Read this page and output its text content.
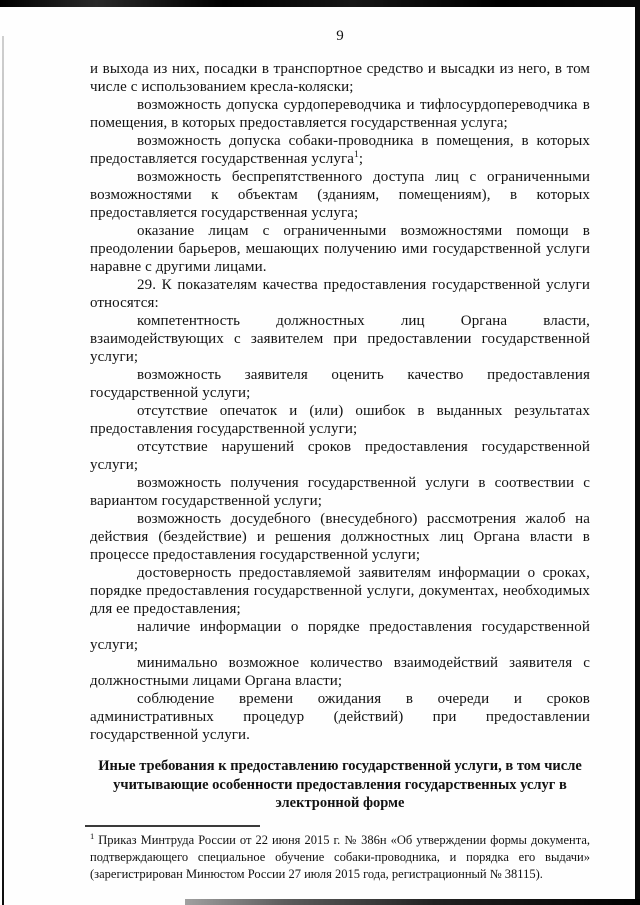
9

и выхода из них, посадки в транспортное средство и высадки из него, в том числе с использованием кресла-коляски;

возможность допуска сурдопереводчика и тифлосурдопереводчика в помещения, в которых предоставляется государственная услуга;

возможность допуска собаки-проводника в помещения, в которых предоставляется государственная услуга$^1$;

возможность беспрепятственного доступа лиц с ограниченными возможностями к объектам (зданиям, помещениям), в которых предоставляется государственная услуга;

оказание лицам с ограниченными возможностями помощи в преодолении барьеров, мешающих получению ими государственной услуги наравне с другими лицами.

29. К показателям качества предоставления государственной услуги относятся:

компетентность должностных лиц Органа власти, взаимодействующих с заявителем при предоставлении государственной услуги;

возможность заявителя оценить качество предоставления государственной услуги;

отсутствие опечаток и (или) ошибок в выданных результатах предоставления государственной услуги;

отсутствие нарушений сроков предоставления государственной услуги;

возможность получения государственной услуги в соотвествии с вариантом государственной услуги;

возможность досудебного (внесудебного) рассмотрения жалоб на действия (бездействие) и решения должностных лиц Органа власти в процессе предоставления государственной услуги;

достоверность предоставляемой заявителям информации о сроках, порядке предоставления государственной услуги, документах, необходимых для ее предоставления;

наличие информации о порядке предоставления государственной услуги;

минимально возможное количество взаимодействий заявителя с должностными лицами Органа власти;

соблюдение времени ожидания в очереди и сроков административных процедур (действий) при предоставлении государственной услуги.

Иные требования к предоставлению государственной услуги, в том числе учитывающие особенности предоставления государственных услуг в электронной форме

$^1$ Приказ Минтруда России от 22 июня 2015 г. № 386н «Об утверждении формы документа, подтверждающего специальное обучение собаки-проводника, и порядка его выдачи» (зарегистрирован Минюстом России 27 июля 2015 года, регистрационный № 38115).
